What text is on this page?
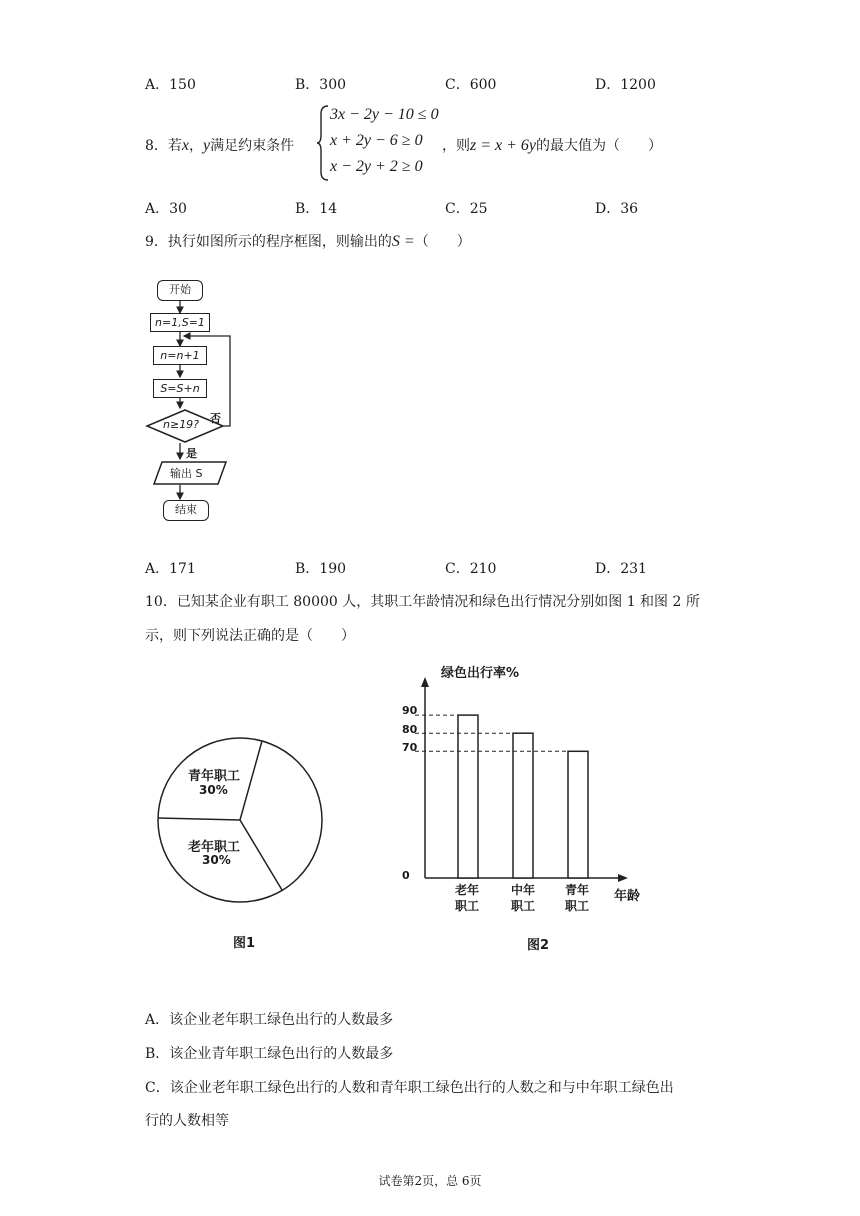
A．150	B．300	C．600	D．1200
8．若x，y满足约束条件
3x − 2y − 10 ≤ 0
x + 2y − 6 ≥ 0
x − 2y + 2 ≥ 0
，则z = x + 6y的最大值为（　　）
A．30	B．14	C．25	D．36
9．执行如图所示的程序框图，则输出的S =（　　）
开始
n=1,S=1
n=n+1
S=S+n
n≥19? 否
是
输出 S
结束
A．171	B．190	C．210	D．231
10．已知某企业有职工 80000 人，其职工年龄情况和绿色出行情况分别如图 1 和图 2 所
示，则下列说法正确的是（　　）
青年职工
30%
老年职工
30%
图1
绿色出行率%
90
80
70
0
老年
职工
中年
职工
青年
职工
年龄
图2
A．该企业老年职工绿色出行的人数最多
B．该企业青年职工绿色出行的人数最多
C．该企业老年职工绿色出行的人数和青年职工绿色出行的人数之和与中年职工绿色出
行的人数相等
试卷第2页，总 6页
